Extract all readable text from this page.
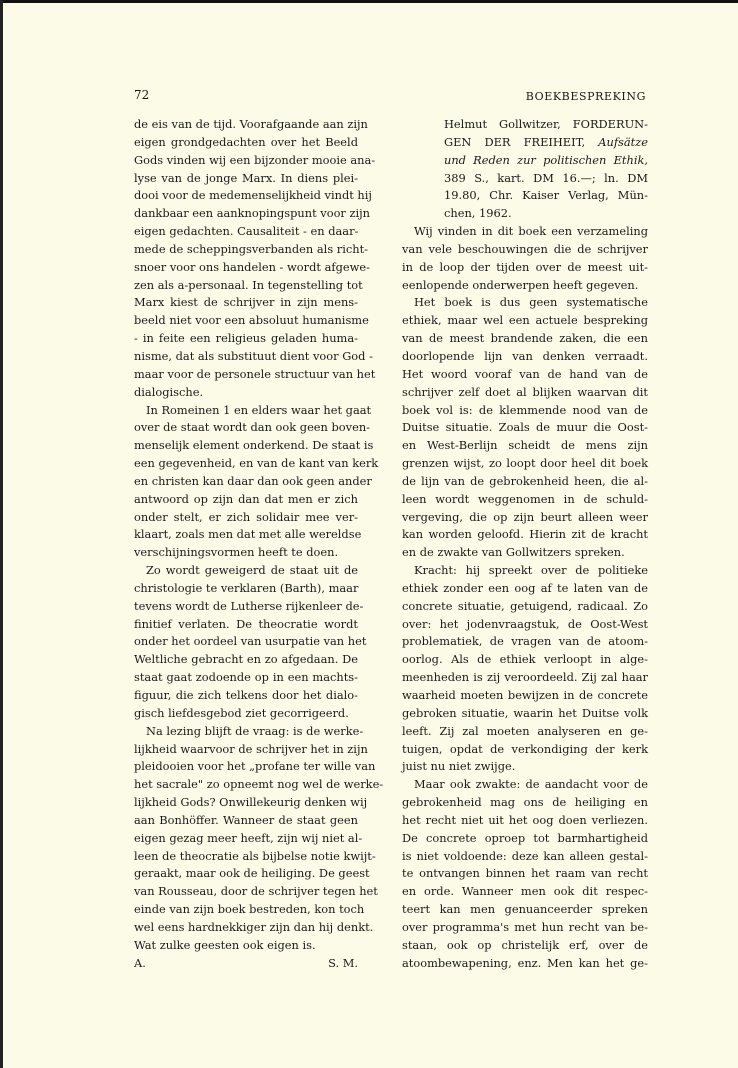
72	BOEKBESPREKING
de eis van de tijd. Voorafgaande aan zijn
eigen grondgedachten over het Beeld
Gods vinden wij een bijzonder mooie ana-
lyse van de jonge Marx. In diens plei-
dooi voor de medemenselijkheid vindt hij
dankbaar een aanknopingspunt voor zijn
eigen gedachten. Causaliteit - en daar-
mede de scheppingsverbanden als richt-
snoer voor ons handelen - wordt afgewe-
zen als a-personaal. In tegenstelling tot
Marx kiest de schrijver in zijn mens-
beeld niet voor een absoluut humanisme
- in feite een religieus geladen huma-
nisme, dat als substituut dient voor God -
maar voor de personele structuur van het
dialogische.
In Romeinen 1 en elders waar het gaat
over de staat wordt dan ook geen boven-
menselijk element onderkend. De staat is
een gegevenheid, en van de kant van kerk
en christen kan daar dan ook geen ander
antwoord op zijn dan dat men er zich
onder stelt, er zich solidair mee ver-
klaart, zoals men dat met alle wereldse
verschijningsvormen heeft te doen.
Zo wordt geweigerd de staat uit de
christologie te verklaren (Barth), maar
tevens wordt de Lutherse rijkenleer de-
finitief verlaten. De theocratie wordt
onder het oordeel van usurpatie van het
Weltliche gebracht en zo afgedaan. De
staat gaat zodoende op in een machts-
figuur, die zich telkens door het dialo-
gisch liefdesgebod ziet gecorrigeerd.
Na lezing blijft de vraag: is de werke-
lijkheid waarvoor de schrijver het in zijn
pleidooien voor het „profane ter wille van
het sacrale" zo opneemt nog wel de werke-
lijkheid Gods? Onwillekeurig denken wij
aan Bonhöffer. Wanneer de staat geen
eigen gezag meer heeft, zijn wij niet al-
leen de theocratie als bijbelse notie kwijt-
geraakt, maar ook de heiliging. De geest
van Rousseau, door de schrijver tegen het
einde van zijn boek bestreden, kon toch
wel eens hardnekkiger zijn dan hij denkt.
Wat zulke geesten ook eigen is.
A.	S. M.
Helmut Gollwitzer, FORDERUN-
GEN DER FREIHEIT, Aufsätze
und Reden zur politischen Ethik,
389 S., kart. DM 16.—; ln. DM
19.80, Chr. Kaiser Verlag, Mün-
chen, 1962.
Wij vinden in dit boek een verzameling
van vele beschouwingen die de schrijver
in de loop der tijden over de meest uit-
eenlopende onderwerpen heeft gegeven.
Het boek is dus geen systematische
ethiek, maar wel een actuele bespreking
van de meest brandende zaken, die een
doorlopende lijn van denken verraadt.
Het woord vooraf van de hand van de
schrijver zelf doet al blijken waarvan dit
boek vol is: de klemmende nood van de
Duitse situatie. Zoals de muur die Oost-
en West-Berlijn scheidt de mens zijn
grenzen wijst, zo loopt door heel dit boek
de lijn van de gebrokenheid heen, die al-
leen wordt weggenomen in de schuld-
vergeving, die op zijn beurt alleen weer
kan worden geloofd. Hierin zit de kracht
en de zwakte van Gollwitzers spreken.
Kracht: hij spreekt over de politieke
ethiek zonder een oog af te laten van de
concrete situatie, getuigend, radicaal. Zo
over: het jodenvraagstuk, de Oost-West
problematiek, de vragen van de atoom-
oorlog. Als de ethiek verloopt in alge-
meenheden is zij veroordeeld. Zij zal haar
waarheid moeten bewijzen in de concrete
gebroken situatie, waarin het Duitse volk
leeft. Zij zal moeten analyseren en ge-
tuigen, opdat de verkondiging der kerk
juist nu niet zwijge.
Maar ook zwakte: de aandacht voor de
gebrokenheid mag ons de heiliging en
het recht niet uit het oog doen verliezen.
De concrete oproep tot barmhartigheid
is niet voldoende: deze kan alleen gestal-
te ontvangen binnen het raam van recht
en orde. Wanneer men ook dit respec-
teert kan men genuanceerder spreken
over programma's met hun recht van be-
staan, ook op christelijk erf, over de
atoombewapening, enz. Men kan het ge-
